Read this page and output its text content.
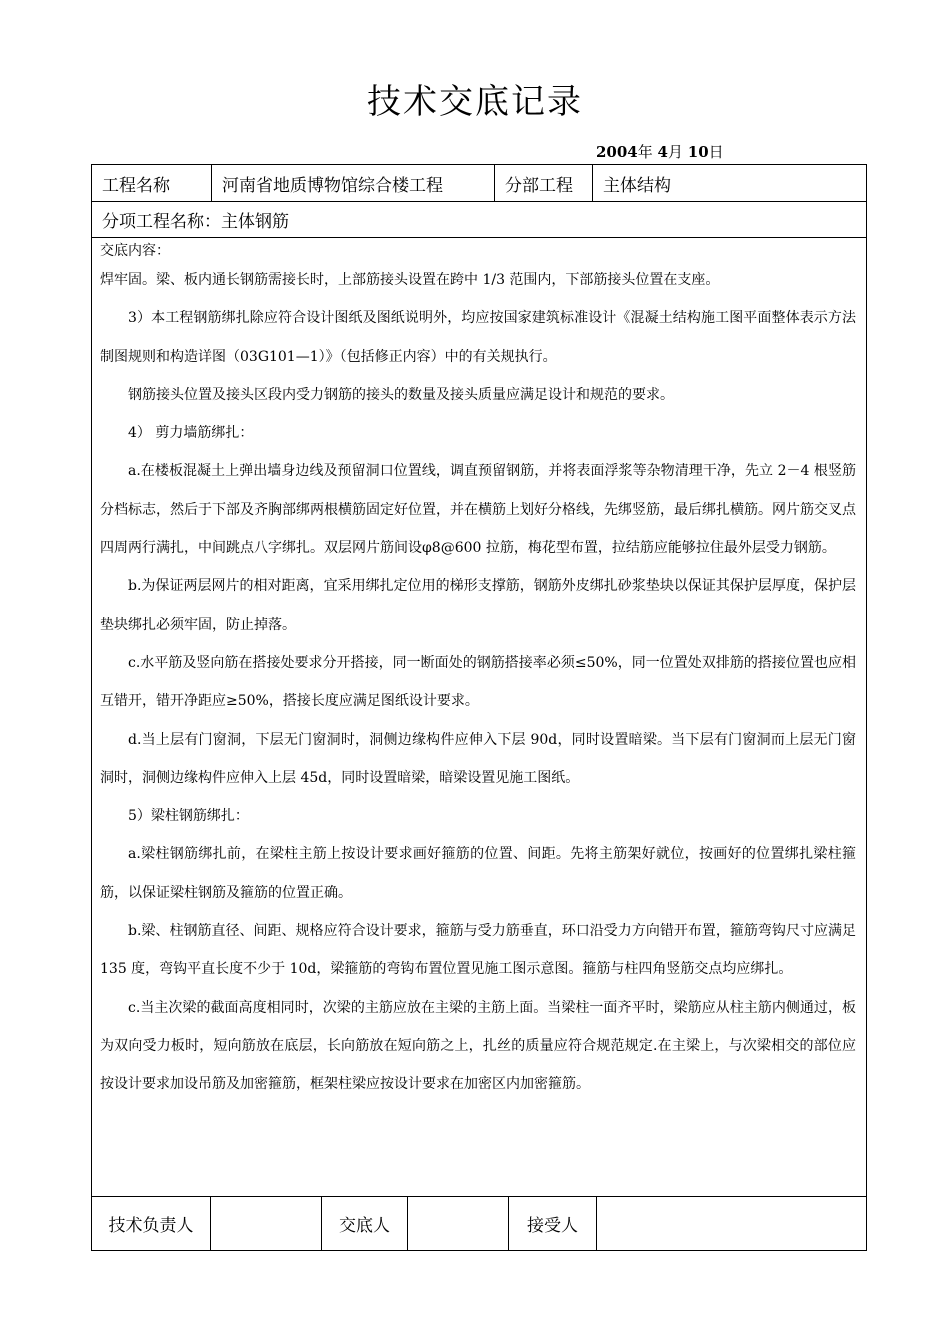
技术交底记录
2004年 4月 10日
工程名称	河南省地质博物馆综合楼工程	分部工程	主体结构
分项工程名称：主体钢筋
交底内容：

焊牢固。梁、板内通长钢筋需接长时，上部筋接头设置在跨中 1/3 范围内，下部筋接头位置在支座。

3）本工程钢筋绑扎除应符合设计图纸及图纸说明外，均应按国家建筑标准设计《混凝土结构施工图平面整体表示方法制图规则和构造详图（03G101—1）》（包括修正内容）中的有关规执行。

钢筋接头位置及接头区段内受力钢筋的接头的数量及接头质量应满足设计和规范的要求。

4） 剪力墙筋绑扎：

a.在楼板混凝土上弹出墙身边线及预留洞口位置线，调直预留钢筋，并将表面浮浆等杂物清理干净，先立 2－4 根竖筋分档标志，然后于下部及齐胸部绑两根横筋固定好位置，并在横筋上划好分格线，先绑竖筋，最后绑扎横筋。网片筋交叉点四周两行满扎，中间跳点八字绑扎。双层网片筋间设φ8@600 拉筋，梅花型布置，拉结筋应能够拉住最外层受力钢筋。

b.为保证两层网片的相对距离，宜采用绑扎定位用的梯形支撑筋，钢筋外皮绑扎砂浆垫块以保证其保护层厚度，保护层垫块绑扎必须牢固，防止掉落。

c.水平筋及竖向筋在搭接处要求分开搭接，同一断面处的钢筋搭接率必须≤50%，同一位置处双排筋的搭接位置也应相互错开，错开净距应≥50%，搭接长度应满足图纸设计要求。

d.当上层有门窗洞，下层无门窗洞时，洞侧边缘构件应伸入下层 90d，同时设置暗梁。当下层有门窗洞而上层无门窗洞时，洞侧边缘构件应伸入上层 45d，同时设置暗梁，暗梁设置见施工图纸。

5）梁柱钢筋绑扎：

a.梁柱钢筋绑扎前，在梁柱主筋上按设计要求画好箍筋的位置、间距。先将主筋架好就位，按画好的位置绑扎梁柱箍筋，以保证梁柱钢筋及箍筋的位置正确。

b.梁、柱钢筋直径、间距、规格应符合设计要求，箍筋与受力筋垂直，环口沿受力方向错开布置，箍筋弯钩尺寸应满足 135 度，弯钩平直长度不少于 10d，梁箍筋的弯钩布置位置见施工图示意图。箍筋与柱四角竖筋交点均应绑扎。

c.当主次梁的截面高度相同时，次梁的主筋应放在主梁的主筋上面。当梁柱一面齐平时，梁筋应从柱主筋内侧通过，板为双向受力板时，短向筋放在底层，长向筋放在短向筋之上，扎丝的质量应符合规范规定.在主梁上，与次梁相交的部位应按设计要求加设吊筋及加密箍筋，框架柱梁应按设计要求在加密区内加密箍筋。

技术负责人		交底人		接受人	
